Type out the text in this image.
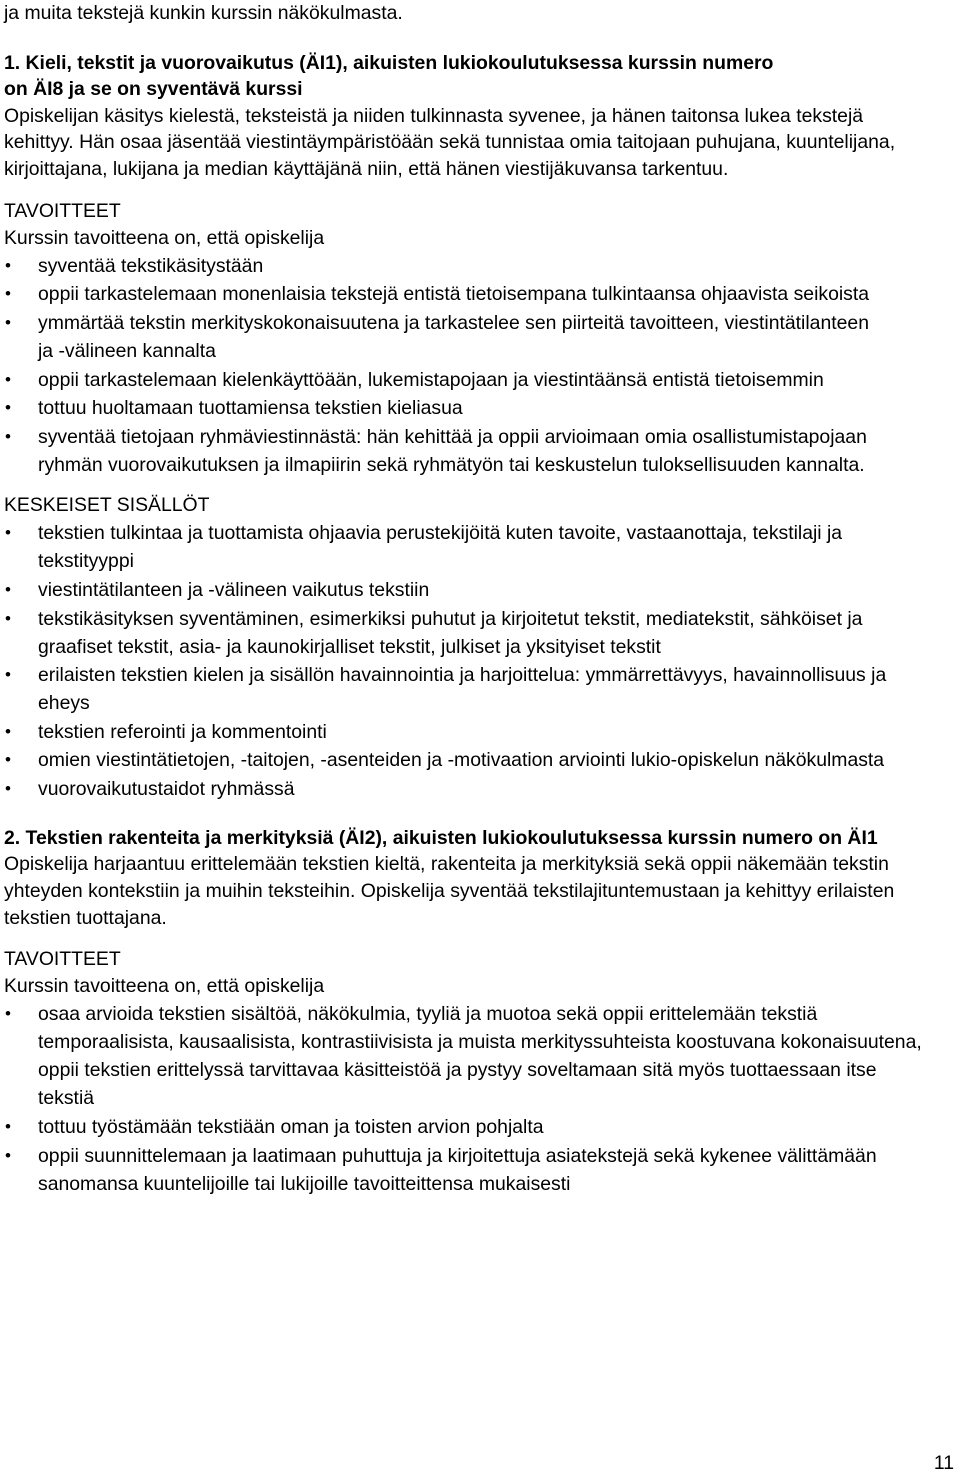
ja muita tekstejä kunkin kurssin näkökulmasta.
1. Kieli, tekstit ja vuorovaikutus (ÄI1), aikuisten lukiokoulutuksessa kurssin numero
on ÄI8 ja se on syventävä kurssi
Opiskelijan käsitys kielestä, teksteistä ja niiden tulkinnasta syvenee, ja hänen taitonsa lukea tekstejä kehittyy. Hän osaa jäsentää viestintäympäristöään sekä tunnistaa omia taitojaan puhujana, kuuntelijana, kirjoittajana, lukijana ja median käyttäjänä niin, että hänen viestijäkuvansa tarkentuu.
TAVOITTEET
Kurssin tavoitteena on, että opiskelija
• syventää tekstikäsitystään
• oppii tarkastelemaan monenlaisia tekstejä entistä tietoisempana tulkintaansa ohjaavista seikoista
• ymmärtää tekstin merkityskokonaisuutena ja tarkastelee sen piirteitä tavoitteen, viestintätilanteen ja -välineen kannalta
• oppii tarkastelemaan kielenkäyttöään, lukemistapojaan ja viestintäänsä entistä tietoisemmin
• tottuu huoltamaan tuottamiensa tekstien kieliasua
• syventää tietojaan ryhmäviestinnästä: hän kehittää ja oppii arvioimaan omia osallistumistapojaan ryhmän vuorovaikutuksen ja ilmapiirin sekä ryhmätyön tai keskustelun tuloksellisuuden kannalta.
KESKEISET SISÄLLÖT
• tekstien tulkintaa ja tuottamista ohjaavia perustekijöitä kuten tavoite, vastaanottaja, tekstilaji ja tekstityyppi
• viestintätilanteen ja -välineen vaikutus tekstiin
• tekstikäsityksen syventäminen, esimerkiksi puhutut ja kirjoitetut tekstit, mediatekstit, sähköiset ja graafiset tekstit, asia- ja kaunokirjalliset tekstit, julkiset ja yksityiset tekstit
• erilaisten tekstien kielen ja sisällön havainnointia ja harjoittelua: ymmärrettävyys, havainnollisuus ja eheys
• tekstien referointi ja kommentointi
• omien viestintätietojen, -taitojen, -asenteiden ja -motivaation arviointi lukio-opiskelun näkökulmasta
• vuorovaikutustaidot ryhmässä
2. Tekstien rakenteita ja merkityksiä (ÄI2), aikuisten lukiokoulutuksessa kurssin numero on ÄI1
Opiskelija harjaantuu erittelemään tekstien kieltä, rakenteita ja merkityksiä sekä oppii näkemään tekstin yhteyden kontekstiin ja muihin teksteihin. Opiskelija syventää tekstilajituntemustaan ja kehittyy erilaisten tekstien tuottajana.
TAVOITTEET
Kurssin tavoitteena on, että opiskelija
• osaa arvioida tekstien sisältöä, näkökulmia, tyyliä ja muotoa sekä oppii erittelemään tekstiä temporaalisista, kausaalisista, kontrastiivisista ja muista merkityssuhteista koostuvana kokonaisuutena, oppii tekstien erittelyssä tarvittavaa käsitteistöä ja pystyy soveltamaan sitä myös tuottaessaan itse tekstiä
• tottuu työstämään tekstiään oman ja toisten arvion pohjalta
• oppii suunnittelemaan ja laatimaan puhuttuja ja kirjoitettuja asiatekstejä sekä kykenee välittämään sanomansa kuuntelijoille tai lukijoille tavoitteittensa mukaisesti
11
